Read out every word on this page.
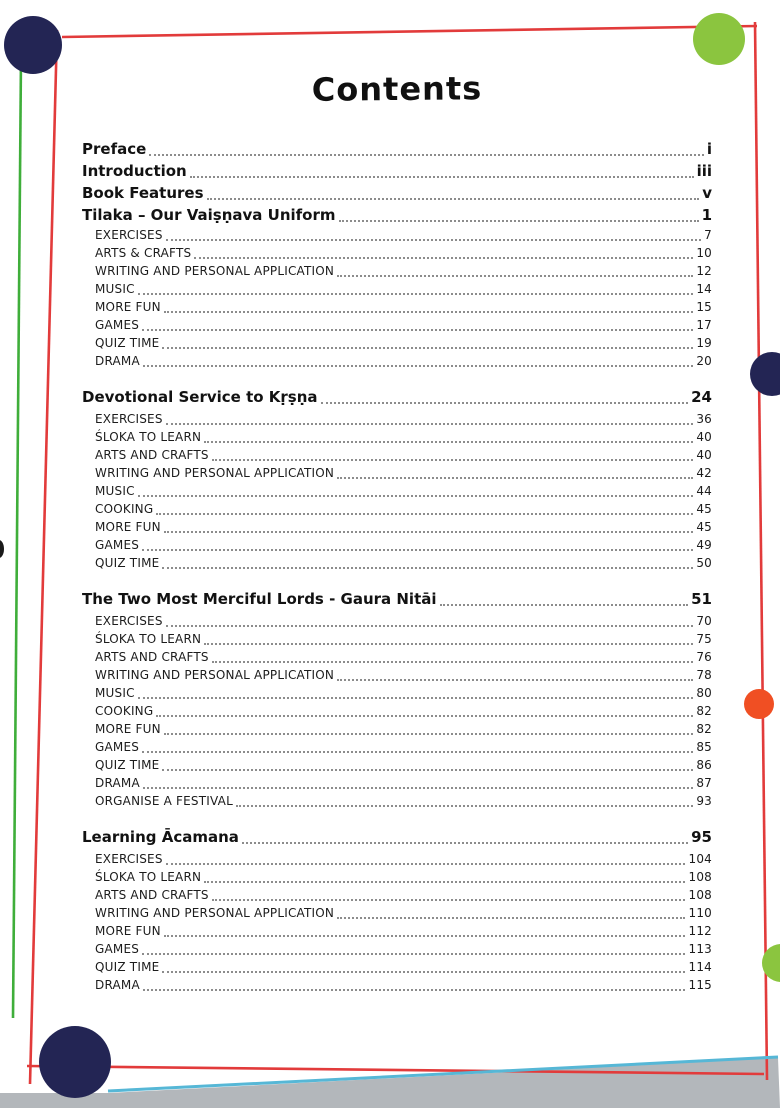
Contents
Preface	i
Introduction	iii
Book Features	v
Tilaka – Our Vaiṣṇava Uniform	1
EXERCISES	7
ARTS & CRAFTS	10
WRITING AND PERSONAL APPLICATION	12
MUSIC	14
MORE FUN	15
GAMES	17
QUIZ TIME	19
DRAMA	20
Devotional Service to Kṛṣṇa	24
EXERCISES	36
ŚLOKA TO LEARN	40
ARTS AND CRAFTS	40
WRITING AND PERSONAL APPLICATION	42
MUSIC	44
COOKING	45
MORE FUN	45
GAMES	49
QUIZ TIME	50
The Two Most Merciful Lords - Gaura Nitāi	51
EXERCISES	70
ŚLOKA TO LEARN	75
ARTS AND CRAFTS	76
WRITING AND PERSONAL APPLICATION	78
MUSIC	80
COOKING	82
MORE FUN	82
GAMES	85
QUIZ TIME	86
DRAMA	87
ORGANISE A FESTIVAL	93
Learning Ācamana	95
EXERCISES	104
ŚLOKA TO LEARN	108
ARTS AND CRAFTS	108
WRITING AND PERSONAL APPLICATION	110
MORE FUN	112
GAMES	113
QUIZ TIME	114
DRAMA	115
